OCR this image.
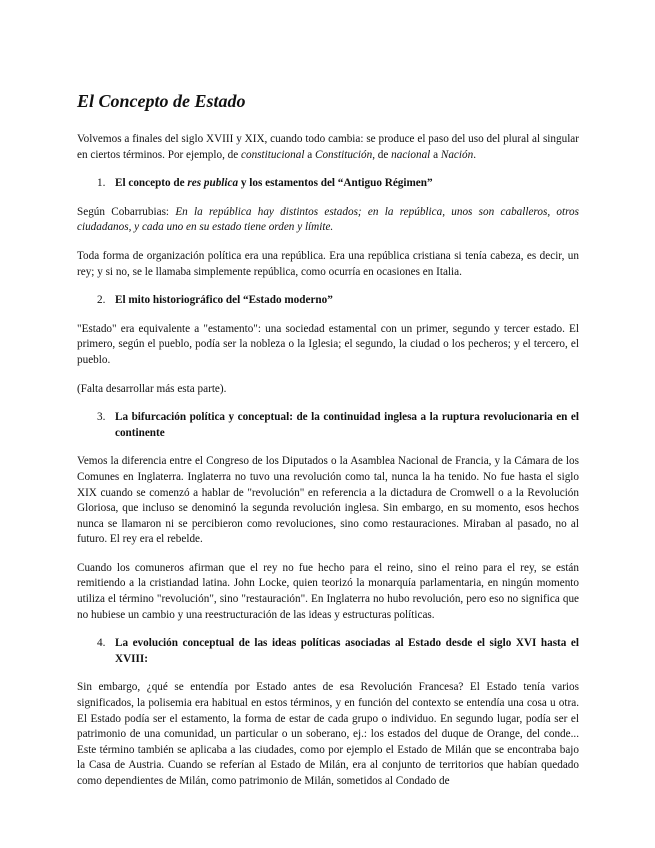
El Concepto de Estado

Volvemos a finales del siglo XVIII y XIX, cuando todo cambia: se produce el paso del uso del plural al singular en ciertos términos. Por ejemplo, de constitucional a Constitución, de nacional a Nación.

1. El concepto de res publica y los estamentos del “Antiguo Régimen”

Según Cobarrubias: En la república hay distintos estados; en la república, unos son caballeros, otros ciudadanos, y cada uno en su estado tiene orden y límite.

Toda forma de organización política era una república. Era una república cristiana si tenía cabeza, es decir, un rey; y si no, se le llamaba simplemente república, como ocurría en ocasiones en Italia.

2. El mito historiográfico del “Estado moderno”

"Estado" era equivalente a "estamento": una sociedad estamental con un primer, segundo y tercer estado. El primero, según el pueblo, podía ser la nobleza o la Iglesia; el segundo, la ciudad o los pecheros; y el tercero, el pueblo.

(Falta desarrollar más esta parte).

3. La bifurcación política y conceptual: de la continuidad inglesa a la ruptura revolucionaria en el continente

Vemos la diferencia entre el Congreso de los Diputados o la Asamblea Nacional de Francia, y la Cámara de los Comunes en Inglaterra. Inglaterra no tuvo una revolución como tal, nunca la ha tenido. No fue hasta el siglo XIX cuando se comenzó a hablar de "revolución" en referencia a la dictadura de Cromwell o a la Revolución Gloriosa, que incluso se denominó la segunda revolución inglesa. Sin embargo, en su momento, esos hechos nunca se llamaron ni se percibieron como revoluciones, sino como restauraciones. Miraban al pasado, no al futuro. El rey era el rebelde.

Cuando los comuneros afirman que el rey no fue hecho para el reino, sino el reino para el rey, se están remitiendo a la cristiandad latina. John Locke, quien teorizó la monarquía parlamentaria, en ningún momento utiliza el término "revolución", sino "restauración". En Inglaterra no hubo revolución, pero eso no significa que no hubiese un cambio y una reestructuración de las ideas y estructuras políticas.

4. La evolución conceptual de las ideas políticas asociadas al Estado desde el siglo XVI hasta el XVIII:

Sin embargo, ¿qué se entendía por Estado antes de esa Revolución Francesa? El Estado tenía varios significados, la polisemia era habitual en estos términos, y en función del contexto se entendía una cosa u otra. El Estado podía ser el estamento, la forma de estar de cada grupo o individuo. En segundo lugar, podía ser el patrimonio de una comunidad, un particular o un soberano, ej.: los estados del duque de Orange, del conde... Este término también se aplicaba a las ciudades, como por ejemplo el Estado de Milán que se encontraba bajo la Casa de Austria. Cuando se referían al Estado de Milán, era al conjunto de territorios que habían quedado como dependientes de Milán, como patrimonio de Milán, sometidos al Condado de
